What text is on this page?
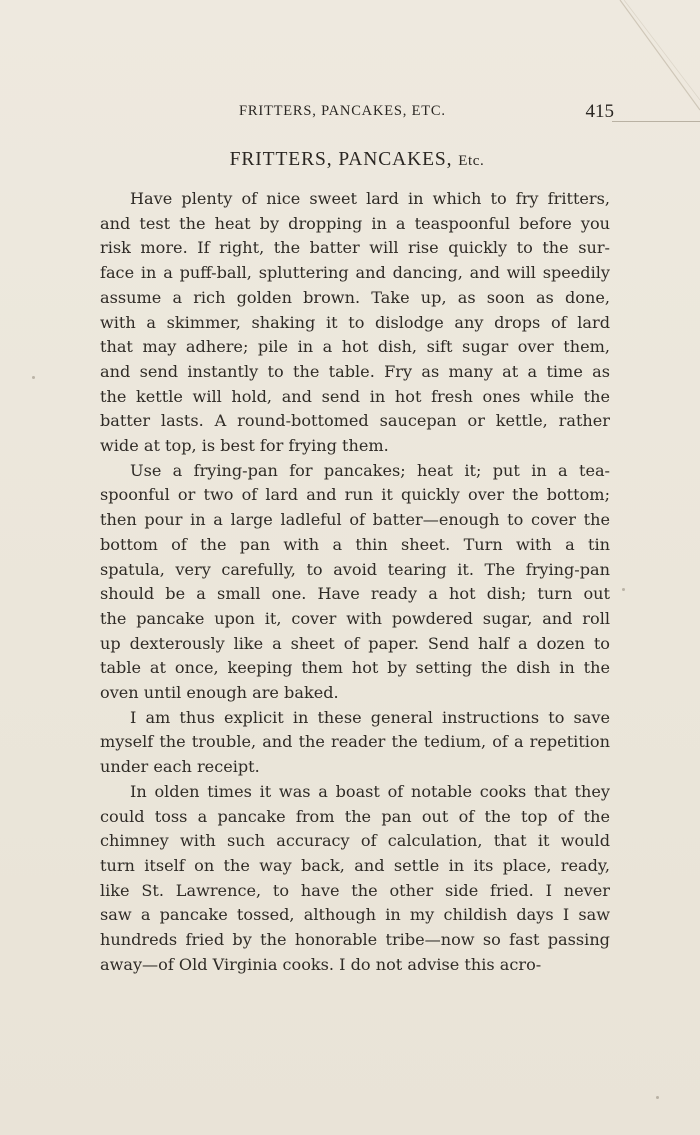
FRITTERS, PANCAKES, ETC.	415
FRITTERS, PANCAKES, Etc.

Have plenty of nice sweet lard in which to fry fritters,
and test the heat by dropping in a teaspoonful before you
risk more. If right, the batter will rise quickly to the sur-
face in a puff-ball, spluttering and dancing, and will speedily
assume a rich golden brown. Take up, as soon as done,
with a skimmer, shaking it to dislodge any drops of lard
that may adhere; pile in a hot dish, sift sugar over them,
and send instantly to the table. Fry as many at a time as
the kettle will hold, and send in hot fresh ones while the
batter lasts. A round-bottomed saucepan or kettle, rather
wide at top, is best for frying them.

Use a frying-pan for pancakes; heat it; put in a tea-
spoonful or two of lard and run it quickly over the bottom;
then pour in a large ladleful of batter—enough to cover the
bottom of the pan with a thin sheet. Turn with a tin
spatula, very carefully, to avoid tearing it. The frying-pan
should be a small one. Have ready a hot dish; turn out
the pancake upon it, cover with powdered sugar, and roll
up dexterously like a sheet of paper. Send half a dozen to
table at once, keeping them hot by setting the dish in the
oven until enough are baked.

I am thus explicit in these general instructions to save
myself the trouble, and the reader the tedium, of a repetition
under each receipt.

In olden times it was a boast of notable cooks that they
could toss a pancake from the pan out of the top of the
chimney with such accuracy of calculation, that it would
turn itself on the way back, and settle in its place, ready,
like St. Lawrence, to have the other side fried. I never
saw a pancake tossed, although in my childish days I saw
hundreds fried by the honorable tribe—now so fast passing
away—of Old Virginia cooks. I do not advise this acro-
